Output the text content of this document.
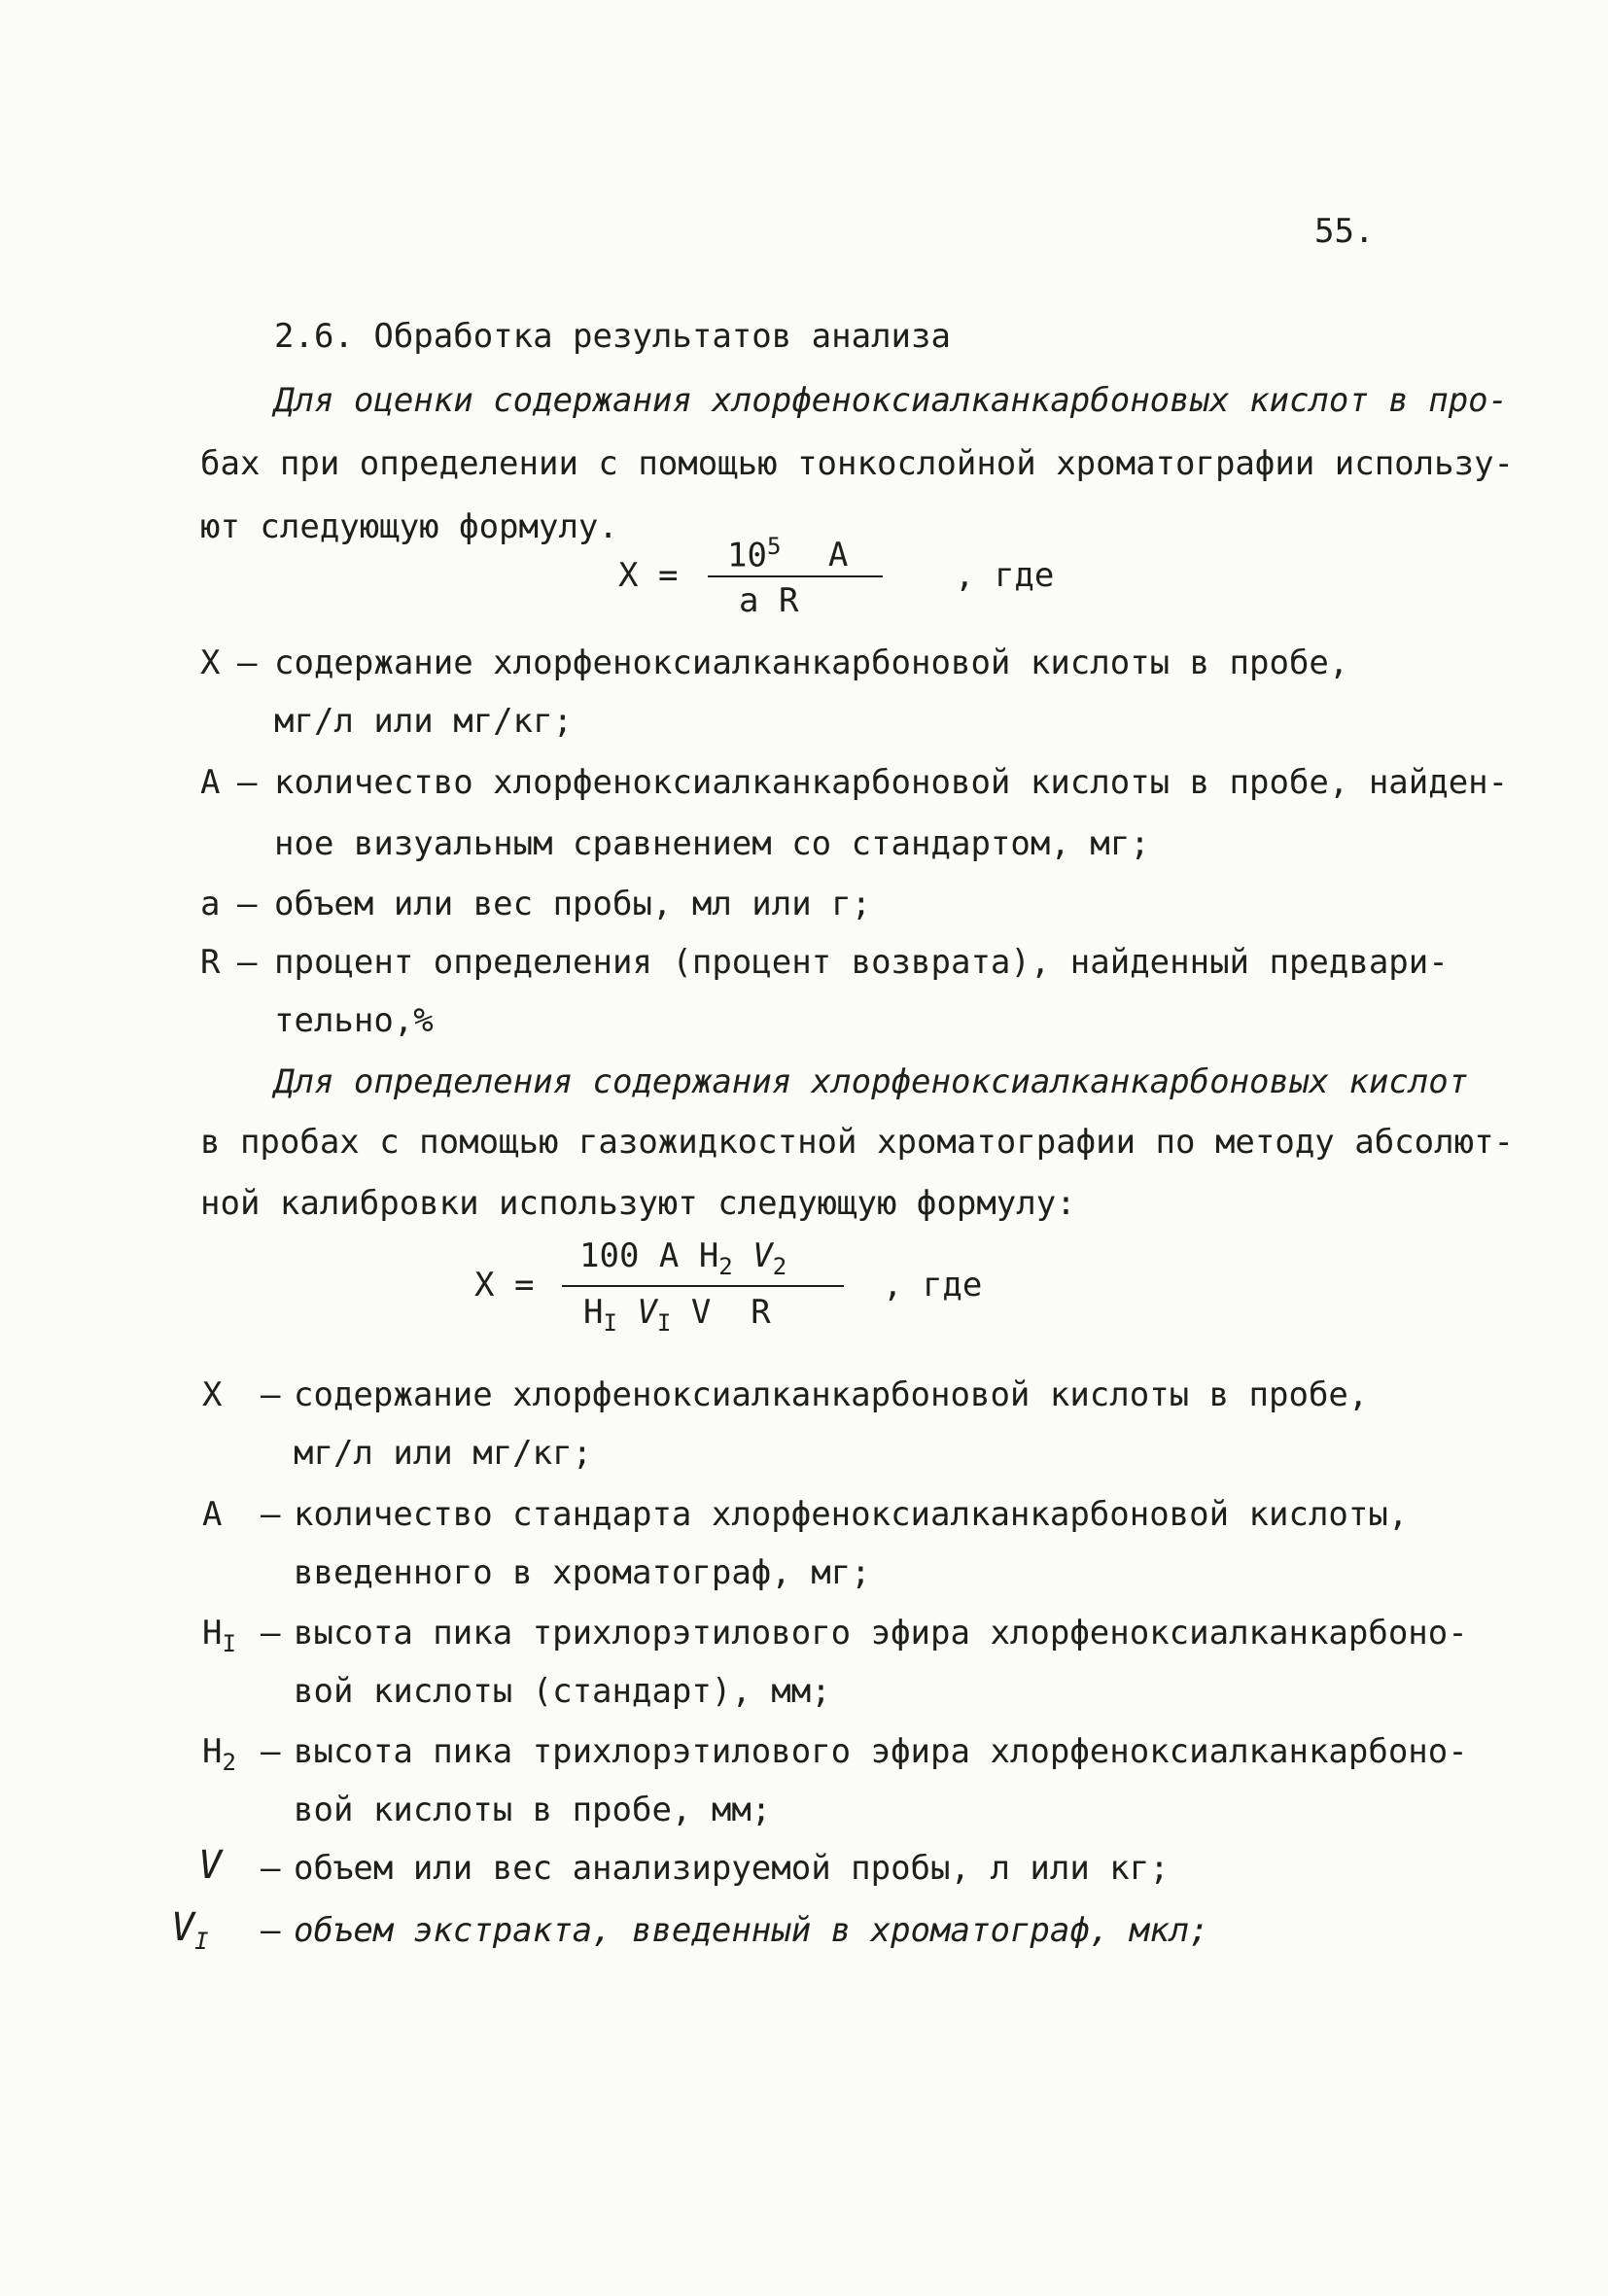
55.
2.6. Обработка результатов анализа
Для оценки содержания хлорфеноксиалканкарбоновых кислот в про-
бах при определении с помощью тонкослойной хроматографии использу-
ют следующую формулу.
X =
$10^5$ A
a R
, где
X – содержание хлорфеноксиалканкарбоновой кислоты в пробе,
мг/л или мг/кг;
A – количество хлорфеноксиалканкарбоновой кислоты в пробе, найден-
ное визуальным сравнением со стандартом, мг;
a – объем или вес пробы, мл или г;
R – процент определения (процент возврата), найденный предвари-
тельно,%
Для определения содержания хлорфеноксиалканкарбоновых кислот
в пробах с помощью газожидкостной хроматографии по методу абсолют-
ной калибровки используют следующую формулу:
X =
100 A $H_2$ $V_2$
$H_I$ $V_I$ V  R
, где
X – содержание хлорфеноксиалканкарбоновой кислоты в пробе,
мг/л или мг/кг;
A – количество стандарта хлорфеноксиалканкарбоновой кислоты,
введенного в хроматограф, мг;
$H_I$ – высота пика трихлорэтилового эфира хлорфеноксиалканкарбоно-
вой кислоты (стандарт), мм;
$H_2$ – высота пика трихлорэтилового эфира хлорфеноксиалканкарбоно-
вой кислоты в пробе, мм;
V – объем или вес анализируемой пробы, л или кг;
$V_I$ – объем экстракта, введенный в хроматограф, мкл;
